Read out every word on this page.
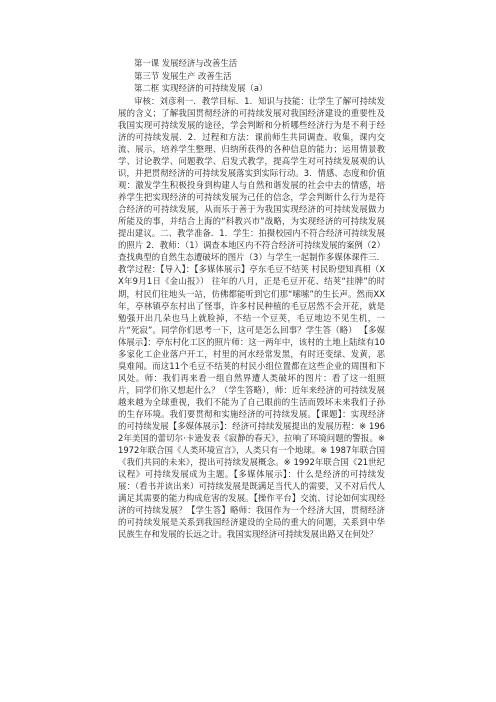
第一课 发展经济与改善生活
第三节 发展生产 改善生活
第二框 实现经济的可持续发展（a）

审核：刘彦利一．教学目标．1．知识与技能：让学生了解可持续发展的含义；了解我国贯彻经济的可持续发展对我国经济建设的重要性及我国实现可持续发展的途径，学会判断和分析哪些经济行为是不利于经济的可持续发展．2．过程和方法：课前师生共同调查、收集，课内交流、展示，培养学生整理、归纳所获得的各种信息的能力；运用情景教学、讨论教学、问题教学、启发式教学，提高学生对可持续发展观的认识，并把贯彻经济的可持续发展落实到实际行动。3．情感、态度和价值观：激发学生积极投身到构建人与自然和谐发展的社会中去的情感，培养学生把实现经济的可持续发展为己任的信念，学会判断什么行为是符合经济的可持续发展，从而乐于善于为我国实现经济的可持续发展做力所能及的事，并结合上海的“科教兴市”战略，为实现经济的可持续发展提出建议。二、教学准备．1．学生：拍摄校园内不符合经济可持续发展的照片 2．教师：（1）调查本地区内不符合经济可持续发展的案例（2）查找典型的自然生态遭破坏的图片（3）与学生一起制作多媒体课件三．教学过程：【导入】：【多媒体展示】亭东毛豆不结荚 村民盼望知真相（XX年9月1日《金山报》） 往年的八月，正是毛豆开花、结荚“挂牌”的时期，村民们往地头一站，仿佛都能听到它们那“嗦嗦”的生长声。然而XX年，亭林镇亭东村出了怪事，许多村民种植的毛豆居然不会开花，就是勉强开出几朵也马上就脸掉，不结一个豆荚，毛豆地边不见生机，一片“死寂”。同学你们思考一下，这可是怎么回事？学生答（略） 【多媒体展示】：亭东村化工区的照片师：这一两年中，该村的土地上陆续有10多家化工企业落户开工，村里的河水经常发黑，有时还变绿、发黄，恶臭难闻。而这11个毛豆不结荚的村民小组位置都在这些企业的周围和下风处。师：我们再来看一组自然界遭人类破坏的图片：看了这一组照片，同学们你又想起什么？（学生答略），师：近年来经济的可持续发展越来越为全球重视，我们不能为了自己眼前的生活而毁坏未来我们子孙的生存环境。我们要贯彻和实施经济的可持续发展。【课题】：实现经济的可持续发展【多媒体展示】：经济可持续发展提出的发展历程：※ 1962年美国的蕾切尔·卡逊发表《寂静的春天》，拉响了环境问题的警报。※ 1972年联合国《人类环境宣言》，人类只有一个地球。※ 1987年联合国《我们共同的未来》，提出可持续发展概念。※ 1992年联合国《21世纪议程》可持续发展成为主题。【多媒体展示】：什么是经济的可持续发展：（看书并读出来）可持续发展是既满足当代人的需要，又不对后代人满足其需要的能力构成危害的发展。【操作平台】交流、讨论如何实现经济的可持续发展？【学生答】略师：我国作为一个经济大国，贯彻经济的可持续发展是关系到我国经济建设的全局的重大的问题，关系到中华民族生存和发展的长远之计。我国实现经济可持续发展出路又在何处？
